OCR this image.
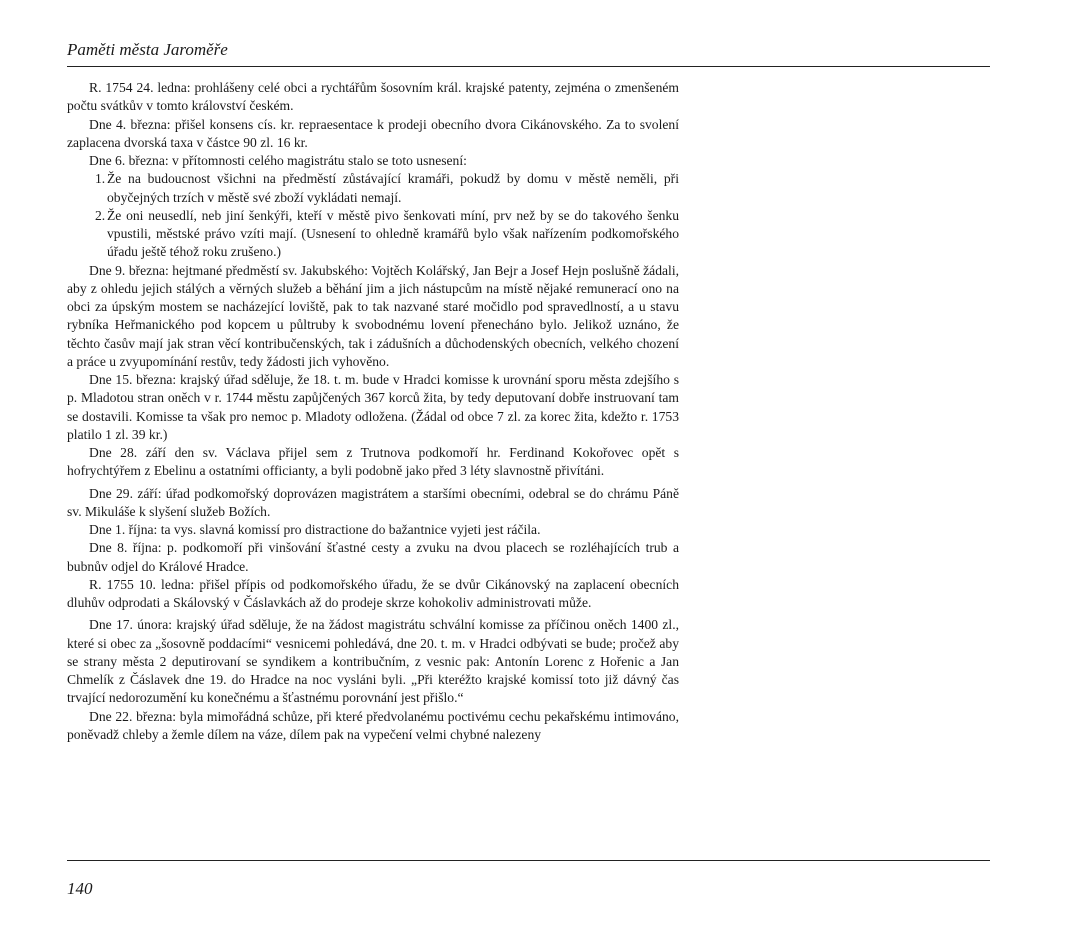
Paměti města Jaroměře

R. 1754 24. ledna: prohlášeny celé obci a rychtářům šosovním král. krajské patenty, zejména o zmenšeném počtu svátkův v tomto království českém.

Dne 4. března: přišel konsens cís. kr. repraesentace k prodeji obecního dvora Cikánovského. Za to svolení zaplacena dvorská taxa v částce 90 zl. 16 kr.

Dne 6. března: v přítomnosti celého magistrátu stalo se toto usnesení:

1. Že na budoucnost všichni na předměstí zůstávající kramáři, pokudž by domu v městě neměli, při obyčejných trzích v městě své zboží vykládati nemají.
2. Že oni neusedlí, neb jiní šenkýři, kteří v městě pivo šenkovati míní, prv než by se do takového šenku vpustili, městské právo vzíti mají. (Usnesení to ohledně kramářů bylo však nařízením podkomořského úřadu ještě téhož roku zrušeno.)

Dne 9. března: hejtmané předměstí sv. Jakubského: Vojtěch Kolářský, Jan Bejr a Josef Hejn poslušně žádali, aby z ohledu jejich stálých a věrných služeb a běhání jim a jich nástupcům na místě nějaké remunerací ono na obci za úpským mostem se nacházející loviště, pak to tak nazvané staré močidlo pod spravedlností, a u stavu rybníka Heřmanického pod kopcem u půltruby k svobodnému lovení přenecháno bylo. Jelikož uznáno, že těchto časův mají jak stran věcí kontribučenských, tak i zádušních a důchodenských obecních, velkého chození a práce u zvyupomínání restův, tedy žádosti jich vyhověno.

Dne 15. března: krajský úřad sděluje, že 18. t. m. bude v Hradci komisse k urovnání sporu města zdejšího s p. Mladotou stran oněch v r. 1744 městu zapůjčených 367 korců žita, by tedy deputovaní dobře instruovaní tam se dostavili. Komisse ta však pro nemoc p. Mladoty odložena. (Žádal od obce 7 zl. za korec žita, kdežto r. 1753 platilo 1 zl. 39 kr.)

Dne 28. září den sv. Václava přijel sem z Trutnova podkomoří hr. Ferdinand Kokořovec opět s hofrychtýřem z Ebelinu a ostatními officianty, a byli podobně jako před 3 léty slavnostně přivítáni.

Dne 29. září: úřad podkomořský doprovázen magistrátem a staršími obecními, odebral se do chrámu Páně sv. Mikuláše k slyšení služeb Božích.

Dne 1. října: ta vys. slavná komissí pro distractione do bažantnice vyjeti jest ráčila.

Dne 8. října: p. podkomoří při vinšování šťastné cesty a zvuku na dvou placech se rozléhajících trub a bubnův odjel do Králové Hradce.

R. 1755 10. ledna: přišel přípis od podkomořského úřadu, že se dvůr Cikánovský na zaplacení obecních dluhův odprodati a Skálovský v Čáslavkách až do prodeje skrze kohokoliv administrovati může.

Dne 17. února: krajský úřad sděluje, že na žádost magistrátu schvální komisse za příčinou oněch 1400 zl., které si obec za „šosovně poddacími“ vesnicemi pohledává, dne 20. t. m. v Hradci odbývati se bude; pročež aby se strany města 2 deputirovaní se syndikem a kontribučním, z vesnic pak: Antonín Lorenc z Hořenic a Jan Chmelík z Čáslavek dne 19. do Hradce na noc vysláni byli. „Při kteréžto krajské komissí toto již dávný čas trvající nedorozumění ku konečnému a šťastnému porovnání jest přišlo.“

Dne 22. března: byla mimořádná schůze, při které předvolanému poctivému cechu pekařskému intimováno, poněvadž chleby a žemle dílem na váze, dílem pak na vypečení velmi chybné nalezeny

140
